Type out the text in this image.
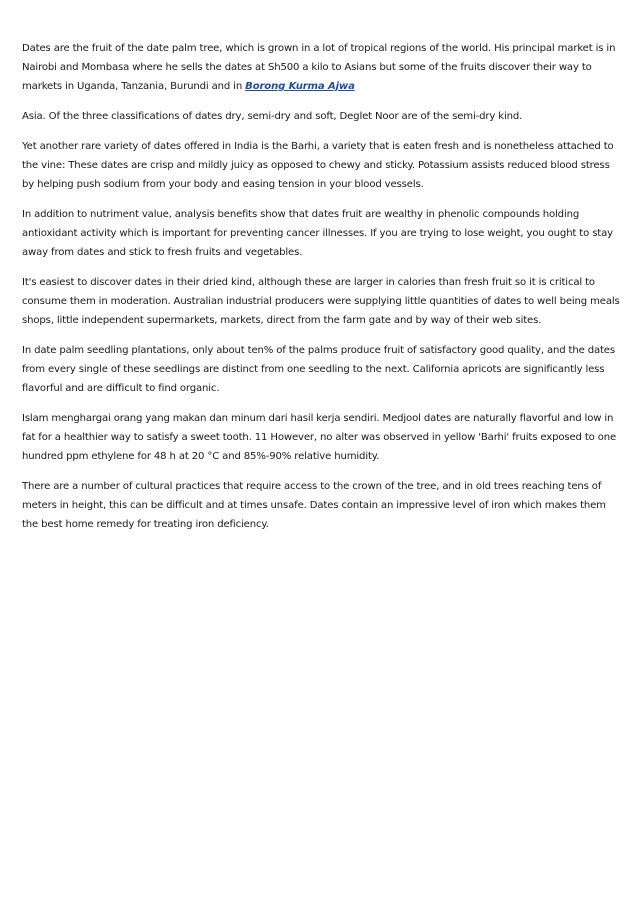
Dates are the fruit of the date palm tree, which is grown in a lot of tropical regions of the world. His principal market is in Nairobi and Mombasa where he sells the dates at Sh500 a kilo to Asians but some of the fruits discover their way to markets in Uganda, Tanzania, Burundi and in Borong Kurma Ajwa

Asia. Of the three classifications of dates dry, semi-dry and soft, Deglet Noor are of the semi-dry kind.

Yet another rare variety of dates offered in India is the Barhi, a variety that is eaten fresh and is nonetheless attached to the vine: These dates are crisp and mildly juicy as opposed to chewy and sticky. Potassium assists reduced blood stress by helping push sodium from your body and easing tension in your blood vessels.

In addition to nutriment value, analysis benefits show that dates fruit are wealthy in phenolic compounds holding antioxidant activity which is important for preventing cancer illnesses. If you are trying to lose weight, you ought to stay away from dates and stick to fresh fruits and vegetables.

It's easiest to discover dates in their dried kind, although these are larger in calories than fresh fruit so it is critical to consume them in moderation. Australian industrial producers were supplying little quantities of dates to well being meals shops, little independent supermarkets, markets, direct from the farm gate and by way of their web sites.

In date palm seedling plantations, only about ten% of the palms produce fruit of satisfactory good quality, and the dates from every single of these seedlings are distinct from one seedling to the next. California apricots are significantly less flavorful and are difficult to find organic.

Islam menghargai orang yang makan dan minum dari hasil kerja sendiri. Medjool dates are naturally flavorful and low in fat for a healthier way to satisfy a sweet tooth. 11 However, no alter was observed in yellow 'Barhi' fruits exposed to one hundred ppm ethylene for 48 h at 20 °C and 85%-90% relative humidity.

There are a number of cultural practices that require access to the crown of the tree, and in old trees reaching tens of meters in height, this can be difficult and at times unsafe. Dates contain an impressive level of iron which makes them the best home remedy for treating iron deficiency.
